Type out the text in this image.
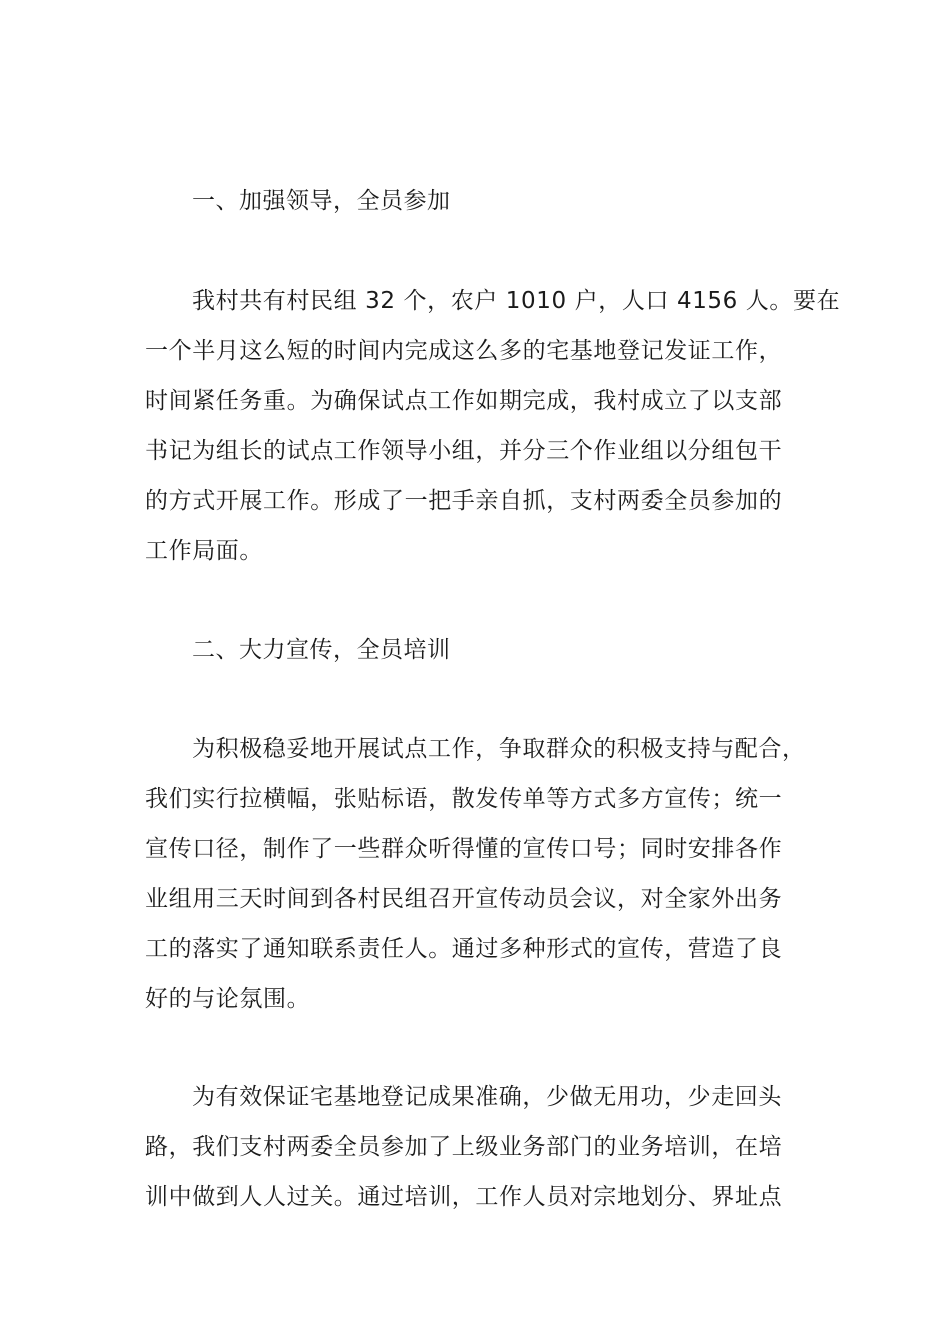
一、加强领导，全员参加
我村共有村民组 32 个，农户 1010 户，人口 4156 人。要在
一个半月这么短的时间内完成这么多的宅基地登记发证工作，
时间紧任务重。为确保试点工作如期完成，我村成立了以支部
书记为组长的试点工作领导小组，并分三个作业组以分组包干
的方式开展工作。形成了一把手亲自抓，支村两委全员参加的
工作局面。
二、大力宣传，全员培训
为积极稳妥地开展试点工作，争取群众的积极支持与配合，
我们实行拉横幅，张贴标语，散发传单等方式多方宣传；统一
宣传口径，制作了一些群众听得懂的宣传口号；同时安排各作
业组用三天时间到各村民组召开宣传动员会议，对全家外出务
工的落实了通知联系责任人。通过多种形式的宣传，营造了良
好的与论氛围。
为有效保证宅基地登记成果准确，少做无用功，少走回头
路，我们支村两委全员参加了上级业务部门的业务培训，在培
训中做到人人过关。通过培训，工作人员对宗地划分、界址点
